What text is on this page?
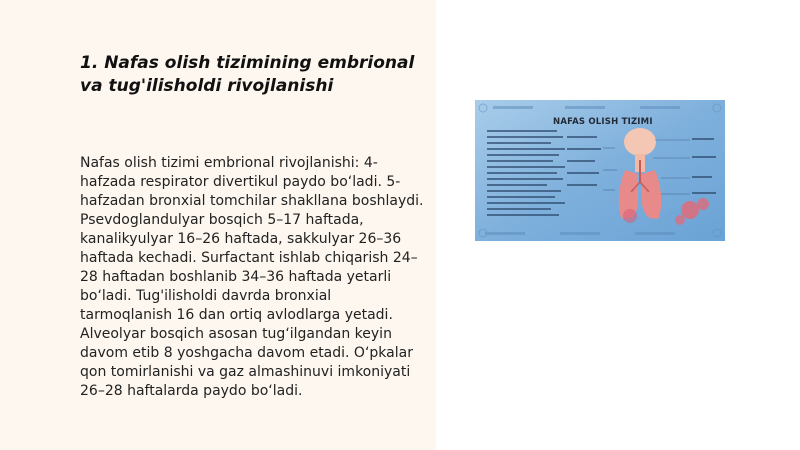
1. Nafas olish tizimining embrional va tug'ilisholdi rivojlanishi

Nafas olish tizimi embrional rivojlanishi: 4-hafzada respirator divertikul paydo bo‘ladi. 5-hafzadan bronxial tomchilar shakllana boshlaydi. Psevdoglandulyar bosqich 5–17 haftada, kanalikyulyar 16–26 haftada, sakkulyar 26–36 haftada kechadi. Surfactant ishlab chiqarish 24–28 haftadan boshlanib 34–36 haftada yetarli bo‘ladi. Tug'ilisholdi davrda bronxial tarmoqlanish 16 dan ortiq avlodlarga yetadi. Alveolyar bosqich asosan tug‘ilgandan keyin davom etib 8 yoshgacha davom etadi. O‘pkalar qon tomirlanishi va gaz almashinuvi imkoniyati 26–28 haftalarda paydo bo‘ladi.

NAFAS OLISH TIZIMI
